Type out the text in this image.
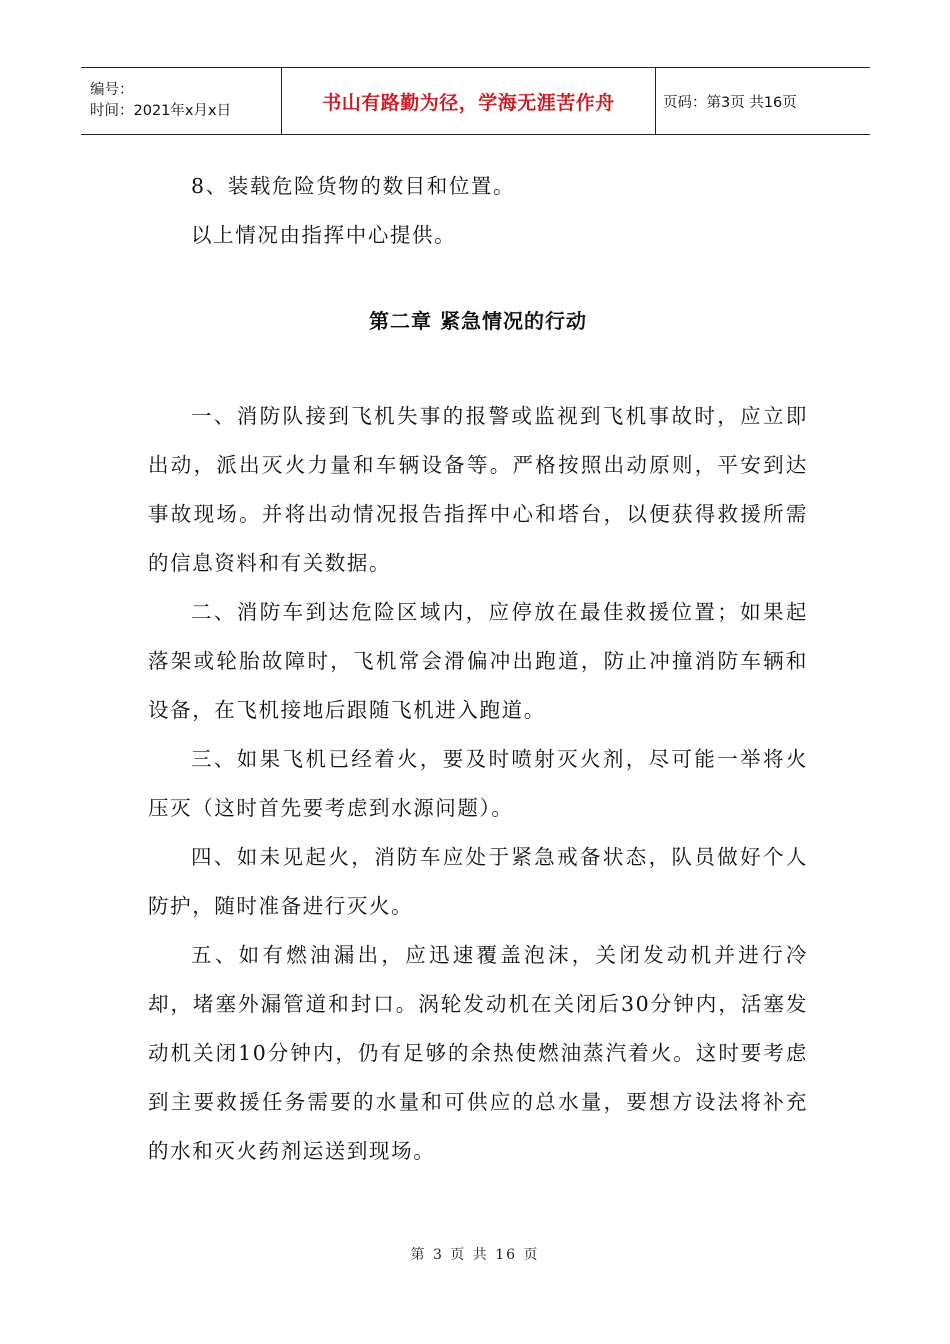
编号：
时间：2021年x月x日	书山有路勤为径，学海无涯苦作舟	页码：第3页 共16页

8、装载危险货物的数目和位置。

以上情况由指挥中心提供。

第二章 紧急情况的行动

一、消防队接到飞机失事的报警或监视到飞机事故时，应立即出动，派出灭火力量和车辆设备等。严格按照出动原则，平安到达事故现场。并将出动情况报告指挥中心和塔台，以便获得救援所需的信息资料和有关数据。

二、消防车到达危险区域内，应停放在最佳救援位置；如果起落架或轮胎故障时，飞机常会滑偏冲出跑道，防止冲撞消防车辆和设备，在飞机接地后跟随飞机进入跑道。

三、如果飞机已经着火，要及时喷射灭火剂，尽可能一举将火压灭（这时首先要考虑到水源问题）。

四、如未见起火，消防车应处于紧急戒备状态，队员做好个人防护，随时准备进行灭火。

五、如有燃油漏出，应迅速覆盖泡沫，关闭发动机并进行冷却，堵塞外漏管道和封口。涡轮发动机在关闭后30分钟内，活塞发动机关闭10分钟内，仍有足够的余热使燃油蒸汽着火。这时要考虑到主要救援任务需要的水量和可供应的总水量，要想方设法将补充的水和灭火药剂运送到现场。

第 3 页 共 16 页
